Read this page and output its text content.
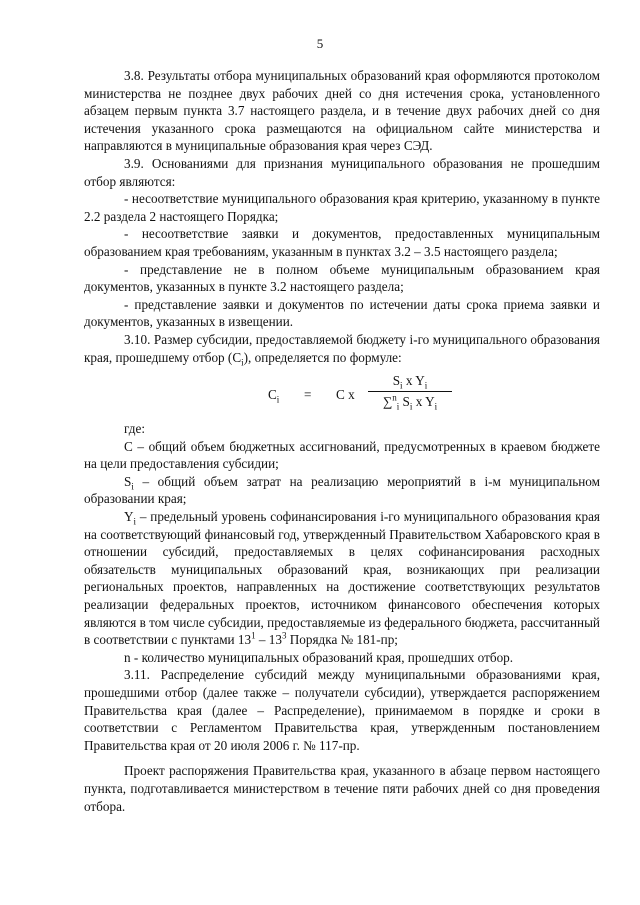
5

3.8. Результаты отбора муниципальных образований края оформляются протоколом министерства не позднее двух рабочих дней со дня истечения срока, установленного абзацем первым пункта 3.7 настоящего раздела, и в течение двух рабочих дней со дня истечения указанного срока размещаются на официальном сайте министерства и направляются в муниципальные образования края через СЭД.

3.9. Основаниями для признания муниципального образования не прошедшим отбор являются:

- несоответствие муниципального образования края критерию, указанному в пункте 2.2 раздела 2 настоящего Порядка;

- несоответствие заявки и документов, предоставленных муниципальным образованием края требованиям, указанным в пунктах 3.2 – 3.5 настоящего раздела;

- представление не в полном объеме муниципальным образованием края документов, указанных в пункте 3.2 настоящего раздела;

- представление заявки и документов по истечении даты срока приема заявки и документов, указанных в извещении.

3.10. Размер субсидии, предоставляемой бюджету i-го муниципального образования края, прошедшему отбор $(C_i)$, определяется по формуле:

$C_i = C$ x $\frac{S_i x Y_i}{\sum^n_i S_i x Y_i}$

где:

C – общий объем бюджетных ассигнований, предусмотренных в краевом бюджете на цели предоставления субсидии;

$S_i$ – общий объем затрат на реализацию мероприятий в i-м муниципальном образовании края;

$Y_i$ – предельный уровень софинансирования i-го муниципального образования края на соответствующий финансовый год, утвержденный Правительством Хабаровского края в отношении субсидий, предоставляемых в целях софинансирования расходных обязательств муниципальных образований края, возникающих при реализации региональных проектов, направленных на достижение соответствующих результатов реализации федеральных проектов, источником финансового обеспечения которых являются в том числе субсидии, предоставляемые из федерального бюджета, рассчитанный в соответствии с пунктами $13^1 - 13^3$ Порядка № 181-пр;

n - количество муниципальных образований края, прошедших отбор.

3.11. Распределение субсидий между муниципальными образованиями края, прошедшими отбор (далее также – получатели субсидии), утверждается распоряжением Правительства края (далее – Распределение), принимаемом в порядке и сроки в соответствии с Регламентом Правительства края, утвержденным постановлением Правительства края от 20 июля 2006 г. № 117-пр.

Проект распоряжения Правительства края, указанного в абзаце первом настоящего пункта, подготавливается министерством в течение пяти рабочих дней со дня проведения отбора.
